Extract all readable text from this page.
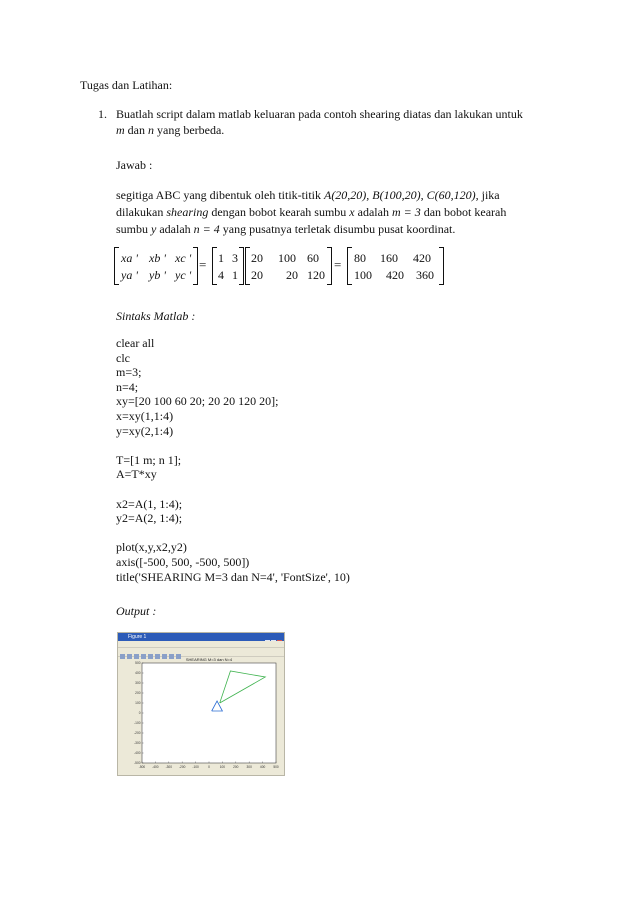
Tugas dan Latihan:
1. Buatlah script dalam matlab keluaran pada contoh shearing diatas dan lakukan untuk
m dan n yang berbeda.
Jawab :
segitiga ABC yang dibentuk oleh titik-titik A(20,20), B(100,20), C(60,120), jika
dilakukan shearing dengan bobot kearah sumbu x adalah m = 3 dan bobot kearah
sumbu y adalah n = 4 yang pusatnya terletak disumbu pusat koordinat.
xa ' xb ' xc '
ya ' yb ' yc '
= 1 3
4 1
20 100 60
20 20 120
= 80 160 420
100 420 360
Sintaks Matlab :
clear all
clc
m=3;
n=4;
xy=[20 100 60 20; 20 20 120 20];
x=xy(1,1:4)
y=xy(2,1:4)
T=[1 m; n 1];
A=T*xy
x2=A(1, 1:4);
y2=A(2, 1:4);
plot(x,y,x2,y2)
axis([-500, 500, -500, 500])
title('SHEARING M=3 dan N=4', 'FontSize', 10)
Output :
Figure 1
SHEARING M=3 dan N=4
-500 -400 -300 -200 -100	0	100	200	300	400	500
500
400
300
200
100
0
-100
-200
-300
-400
-500
